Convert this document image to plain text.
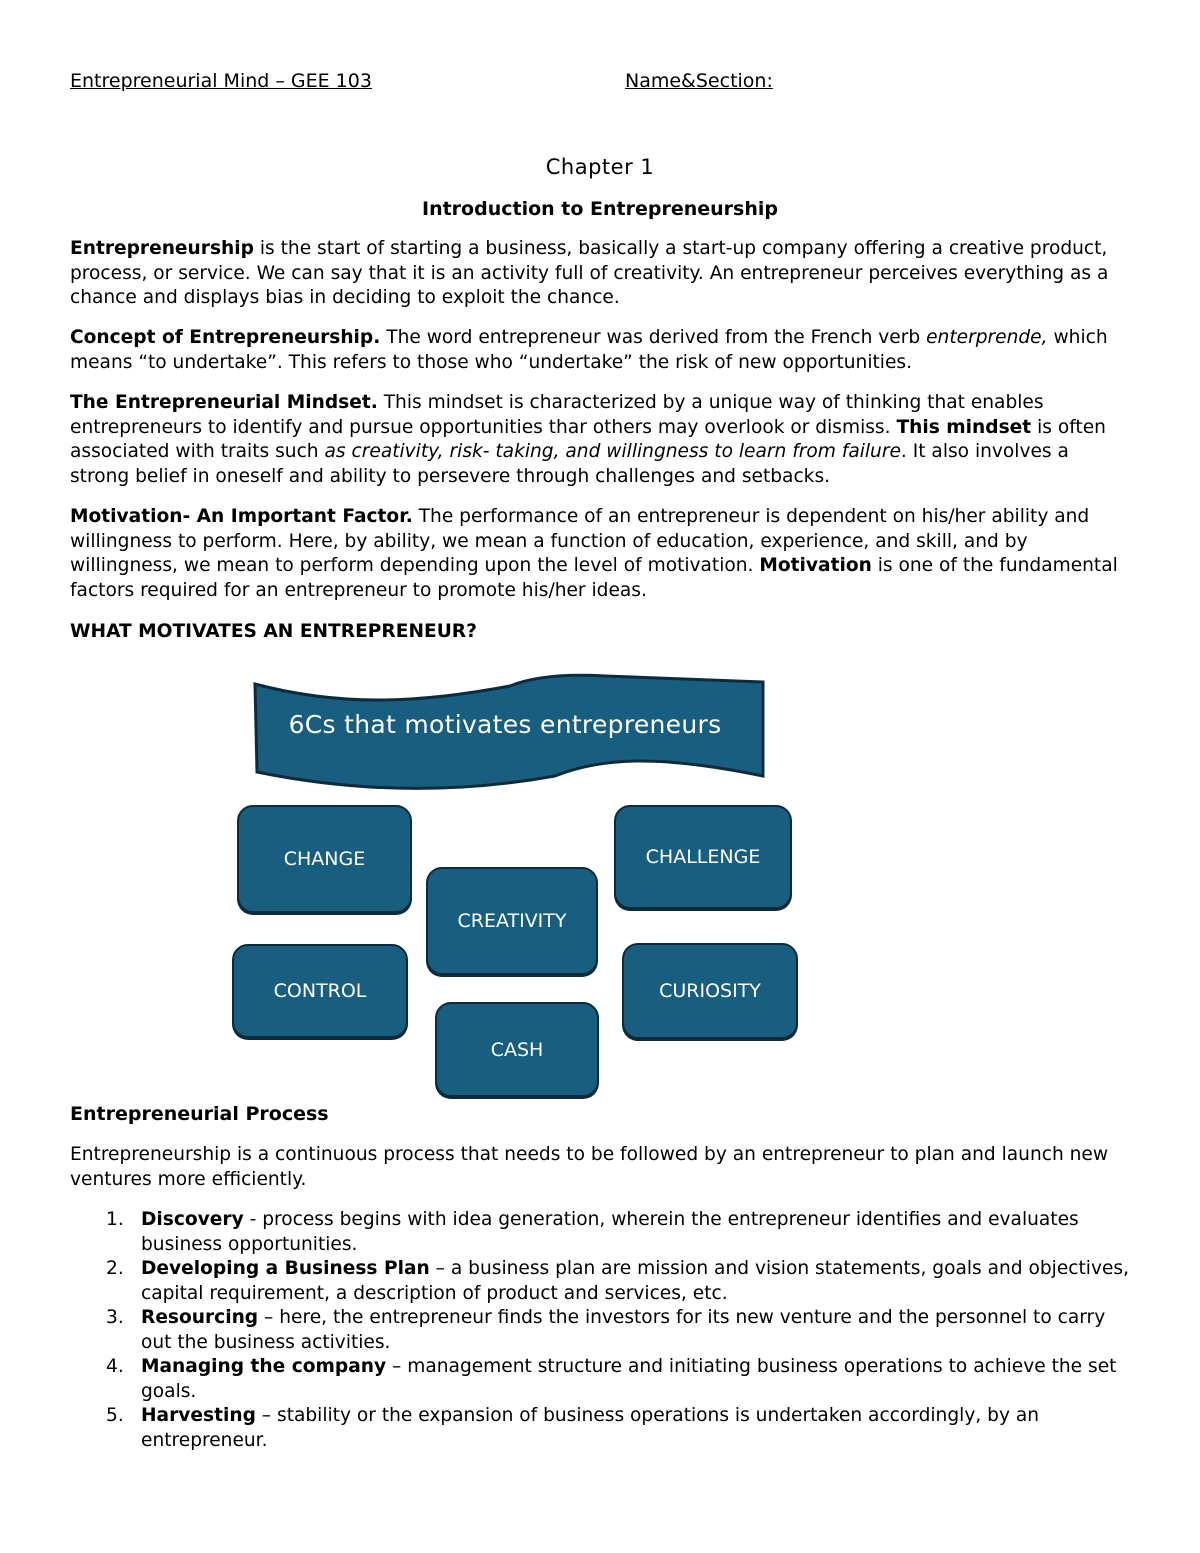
Entrepreneurial Mind – GEE 103	Name&Section:
Chapter 1
Introduction to Entrepreneurship
Entrepreneurship is the start of starting a business, basically a start-up company offering a creative product, process, or service. We can say that it is an activity full of creativity. An entrepreneur perceives everything as a chance and displays bias in deciding to exploit the chance.
Concept of Entrepreneurship. The word entrepreneur was derived from the French verb enterprende, which means “to undertake”. This refers to those who “undertake” the risk of new opportunities.
The Entrepreneurial Mindset. This mindset is characterized by a unique way of thinking that enables entrepreneurs to identify and pursue opportunities thar others may overlook or dismiss. This mindset is often associated with traits such as creativity, risk- taking, and willingness to learn from failure. It also involves a strong belief in oneself and ability to persevere through challenges and setbacks.
Motivation- An Important Factor. The performance of an entrepreneur is dependent on his/her ability and willingness to perform. Here, by ability, we mean a function of education, experience, and skill, and by willingness, we mean to perform depending upon the level of motivation. Motivation is one of the fundamental factors required for an entrepreneur to promote his/her ideas.
WHAT MOTIVATES AN ENTREPRENEUR?
6Cs that motivates entrepreneurs
CHANGE	CHALLENGE
CREATIVITY
CONTROL	CURIOSITY
CASH
Entrepreneurial Process
Entrepreneurship is a continuous process that needs to be followed by an entrepreneur to plan and launch new ventures more efficiently.
1. Discovery - process begins with idea generation, wherein the entrepreneur identifies and evaluates business opportunities.
2. Developing a Business Plan – a business plan are mission and vision statements, goals and objectives, capital requirement, a description of product and services, etc.
3. Resourcing – here, the entrepreneur finds the investors for its new venture and the personnel to carry out the business activities.
4. Managing the company – management structure and initiating business operations to achieve the set goals.
5. Harvesting – stability or the expansion of business operations is undertaken accordingly, by an entrepreneur.
